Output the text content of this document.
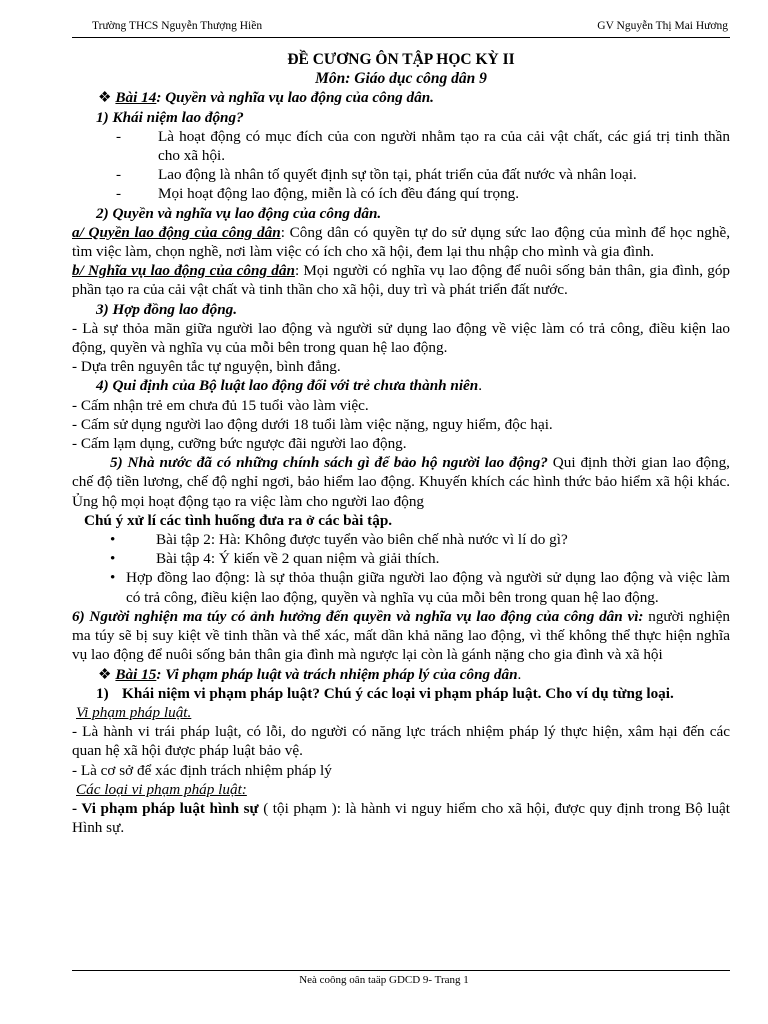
Trường THCS Nguyễn Thượng Hiền	GV Nguyễn Thị Mai Hương

ĐỀ CƯƠNG ÔN TẬP HỌC KỲ II

Môn: Giáo dục công dân 9

❖ Bài 14: Quyền và nghĩa vụ lao động của công dân.

1) Khái niệm lao động?

-	Là hoạt động có mục đích của con người nhằm tạo ra của cải vật chất, các giá trị tinh thần cho xã hội.
-	Lao động là nhân tố quyết định sự tồn tại, phát triển của đất nước và nhân loại.
-	Mọi hoạt động lao động, miễn là có ích đều đáng quí trọng.

2) Quyền và nghĩa vụ lao động của công dân.

a/ Quyền lao động của công dân: Công dân có quyền tự do sử dụng sức lao động của mình để học nghề, tìm việc làm, chọn nghề, nơi làm việc có ích cho xã hội, đem lại thu nhập cho mình và gia đình.

b/ Nghĩa vụ lao động của công dân: Mọi người có nghĩa vụ lao động để nuôi sống bản thân, gia đình, góp phần tạo ra của cải vật chất và tinh thần cho xã hội, duy trì và phát triển đất nước.

3) Hợp đồng lao động.

- Là sự thỏa mãn giữa người lao động và người sử dụng lao động về việc làm có trả công, điều kiện lao động, quyền và nghĩa vụ của mỗi bên trong quan hệ lao động.

- Dựa trên nguyên tắc tự nguyện, bình đẳng.

4) Qui định của Bộ luật lao động đối với trẻ chưa thành niên.

- Cấm nhận trẻ em chưa đủ 15 tuổi vào làm việc.

- Cấm sử dụng người lao động dưới 18 tuổi làm việc nặng, nguy hiểm, độc hại.

- Cấm lạm dụng, cưỡng bức ngược đãi người lao động.

5) Nhà nước đã có những chính sách gì để bảo hộ người lao động? Qui định thời gian lao động, chế độ tiền lương, chế độ nghỉ ngơi, bảo hiểm lao động. Khuyến khích các hình thức bảo hiểm xã hội khác. Ủng hộ mọi hoạt động tạo ra việc làm cho người lao động

Chú ý xử lí các tình huống đưa ra ở các bài tập.

•	Bài tập 2: Hà: Không được tuyển vào biên chế nhà nước vì lí do gì?
•	Bài tập 4: Ý kiến về 2 quan niệm và giải thích.
• Hợp đồng lao động: là sự thỏa thuận giữa người lao động và người sử dụng lao động và việc làm có trả công, điều kiện lao động, quyền và nghĩa vụ của mỗi bên trong quan hệ lao động.

6) Người nghiện ma túy có ảnh hưởng đến quyền và nghĩa vụ lao động của công dân vì: người nghiện ma túy sẽ bị suy kiệt về tinh thần và thể xác, mất dần khả năng lao động, vì thế không thể thực hiện nghĩa vụ lao động để nuôi sống bản thân gia đình mà ngược lại còn là gánh nặng cho gia đình và xã hội

❖ Bài 15: Vi phạm pháp luật và trách nhiệm pháp lý của công dân.

1) Khái niệm vi phạm pháp luật? Chú ý các loại vi phạm pháp luật. Cho ví dụ từng loại.

Vi phạm pháp luật.

- Là hành vi trái pháp luật, có lỗi, do người có năng lực trách nhiệm pháp lý thực hiện, xâm hại đến các quan hệ xã hội được pháp luật bảo vệ.

- Là cơ sở để xác định trách nhiệm pháp lý

Các loại vi phạm pháp luật:

- Vi phạm pháp luật hình sự ( tội phạm ): là hành vi nguy hiểm cho xã hội, được quy định trong Bộ luật Hình sự.

Neà coông oân taäp GDCD 9- Trang 1
